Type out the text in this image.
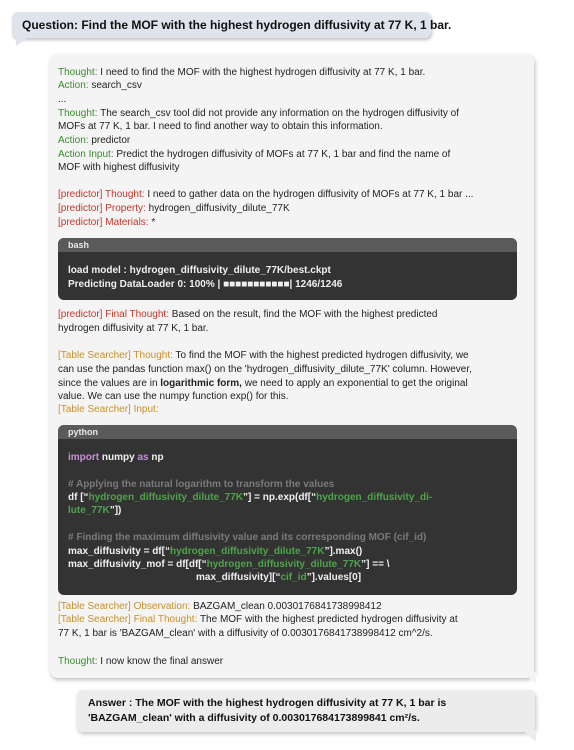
Question: Find the MOF with the highest hydrogen diffusivity at 77 K, 1 bar.
Thought: I need to find the MOF with the highest hydrogen diffusivity at 77 K, 1 bar.
Action: search_csv
...
Thought: The search_csv tool did not provide any information on the hydrogen diffusivity of
MOFs at 77 K, 1 bar. I need to find another way to obtain this information.
Action: predictor
Action Input: Predict the hydrogen diffusivity of MOFs at 77 K, 1 bar and find the name of
MOF with highest diffusivity
[predictor] Thought: I need to gather data on the hydrogen diffusivity of MOFs at 77 K, 1 bar ...
[predictor] Property: hydrogen_diffusivity_dilute_77K
[predictor] Materials: *
bash
load model : hydrogen_diffusivity_dilute_77K/best.ckpt
Predicting DataLoader 0: 100% | ■■■■■■■■■■■| 1246/1246
[predictor] Final Thought: Based on the result, find the MOF with the highest predicted
hydrogen diffusivity at 77 K, 1 bar.
[Table Searcher] Thought: To find the MOF with the highest predicted hydrogen diffusivity, we
can use the pandas function max() on the 'hydrogen_diffusivity_dilute_77K' column. However,
since the values are in logarithmic form, we need to apply an exponential to get the original
value. We can use the numpy function exp() for this.
[Table Searcher] Input:
python
import numpy as np
# Applying the natural logarithm to transform the values
df [“hydrogen_diffusivity_dilute_77K”] = np.exp(df[“hydrogen_diffusivity_di-
lute_77K”])
# Finding the maximum diffusivity value and its corresponding MOF (cif_id)
max_diffusivity = df[“hydrogen_diffusivity_dilute_77K”].max()
max_diffusivity_mof = df[df[“hydrogen_diffusivity_dilute_77K”] == \
max_diffusivity][“cif_id”].values[0]
[Table Searcher] Observation: BAZGAM_clean 0.0030176841738998412
[Table Searcher] Final Thought: The MOF with the highest predicted hydrogen diffusivity at
77 K, 1 bar is 'BAZGAM_clean' with a diffusivity of 0.0030176841738998412 cm^2/s.
Thought: I now know the final answer
Answer : The MOF with the highest hydrogen diffusivity at 77 K, 1 bar is
'BAZGAM_clean' with a diffusivity of 0.003017684173899841 cm²/s.
